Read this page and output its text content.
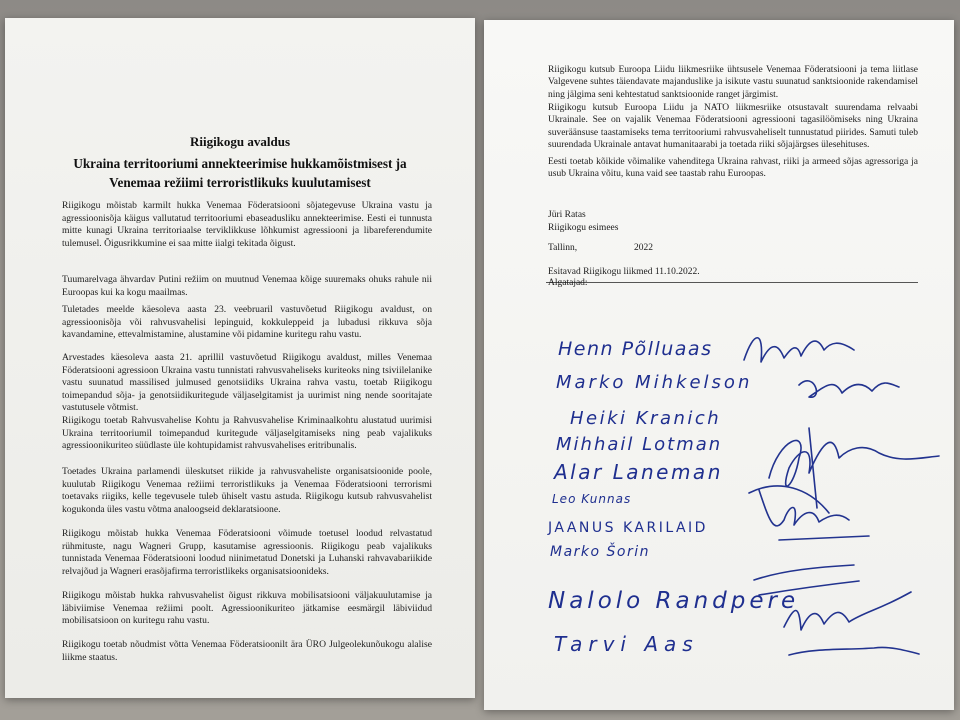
Riigikogu avaldus
Ukraina territooriumi annekteerimise hukkamõistmisest ja
Venemaa režiimi terroristlikuks kuulutamisest

Riigikogu mõistab karmilt hukka Venemaa Föderatsiooni sõjategevuse Ukraina vastu ja agressioonisõja käigus vallutatud territooriumi ebaseadusliku annekteerimise. Eesti ei tunnusta mitte kunagi Ukraina territoriaalse terviklikkuse lõhkumist agressiooni ja libareferendumite tulemusel. Õigusrikkumine ei saa mitte iialgi tekitada õigust.

Tuumarelvaga ähvardav Putini režiim on muutnud Venemaa kõige suuremaks ohuks rahule nii Euroopas kui ka kogu maailmas.

Tuletades meelde käesoleva aasta 23. veebruaril vastuvõetud Riigikogu avaldust, on agressioonisõja või rahvusvahelisi lepinguid, kokkuleppeid ja lubadusi rikkuva sõja kavandamine, ettevalmistamine, alustamine või pidamine kuritegu rahu vastu.

Arvestades käesoleva aasta 21. aprillil vastuvõetud Riigikogu avaldust, milles Venemaa Föderatsiooni agressioon Ukraina vastu tunnistati rahvusvaheliseks kuriteoks ning tsiviilelanike vastu suunatud massilised julmused genotsiidiks Ukraina rahva vastu, toetab Riigikogu toimepandud sõja- ja genotsiidikuritegude väljaselgitamist ja uurimist ning nende sooritajate vastutusele võtmist.

Riigikogu toetab Rahvusvahelise Kohtu ja Rahvusvahelise Kriminaalkohtu alustatud uurimisi Ukraina territooriumil toimepandud kuritegude väljaselgitamiseks ning peab vajalikuks agressioonikuriteo süüdlaste üle kohtupidamist rahvusvahelises eritribunalis.

Toetades Ukraina parlamendi üleskutset riikide ja rahvusvaheliste organisatsioonide poole, kuulutab Riigikogu Venemaa režiimi terroristlikuks ja Venemaa Föderatsiooni terrorismi toetavaks riigiks, kelle tegevusele tuleb ühiselt vastu astuda. Riigikogu kutsub rahvusvahelist kogukonda üles vastu võtma analoogseid deklaratsioone.

Riigikogu mõistab hukka Venemaa Föderatsiooni võimude toetusel loodud relvastatud rühmituste, nagu Wagneri Grupp, kasutamise agressioonis. Riigikogu peab vajalikuks tunnistada Venemaa Föderatsiooni loodud niinimetatud Donetski ja Luhanski rahvavabariikide relvajõud ja Wagneri erasõjafirma terroristlikeks organisatsioonideks.

Riigikogu mõistab hukka rahvusvahelist õigust rikkuva mobilisatsiooni väljakuulutamise ja läbiviimise Venemaa režiimi poolt. Agressioonikuriteo jätkamise eesmärgil läbiviidud mobilisatsioon on kuritegu rahu vastu.

Riigikogu toetab nõudmist võtta Venemaa Föderatsioonilt ära ÜRO Julgeolekunõukogu alalise liikme staatus.

Riigikogu kutsub Euroopa Liidu liikmesriike ühtsusele Venemaa Föderatsiooni ja tema liitlase Valgevene suhtes täiendavate majanduslike ja isikute vastu suunatud sanktsioonide rakendamisel ning jälgima seni kehtestatud sanktsioonide ranget järgimist.

Riigikogu kutsub Euroopa Liidu ja NATO liikmesriike otsustavalt suurendama relvaabi Ukrainale. See on vajalik Venemaa Föderatsiooni agressiooni tagasilöömiseks ning Ukraina suveräänsuse taastamiseks tema territooriumi rahvusvaheliselt tunnustatud piirides. Samuti tuleb suurendada Ukrainale antavat humanitaarabi ja toetada riiki sõjajärgses ülesehituses.

Eesti toetab kõikide võimalike vahenditega Ukraina rahvast, riiki ja armeed sõjas agressoriga ja usub Ukraina võitu, kuna vaid see taastab rahu Euroopas.

Jüri Ratas
Riigikogu esimees
Tallinn,	2022
Esitavad Riigikogu liikmed 11.10.2022.
Algatajad:
Henn Põlluaas
Marko Mihkelson
Heiki Kranich
Mihhail Lotman
Alar Laneman
Leo Kunnas
JAANUS KARILAID
Marko Šorin
Nalolo Randpere
Tarvi Aas
